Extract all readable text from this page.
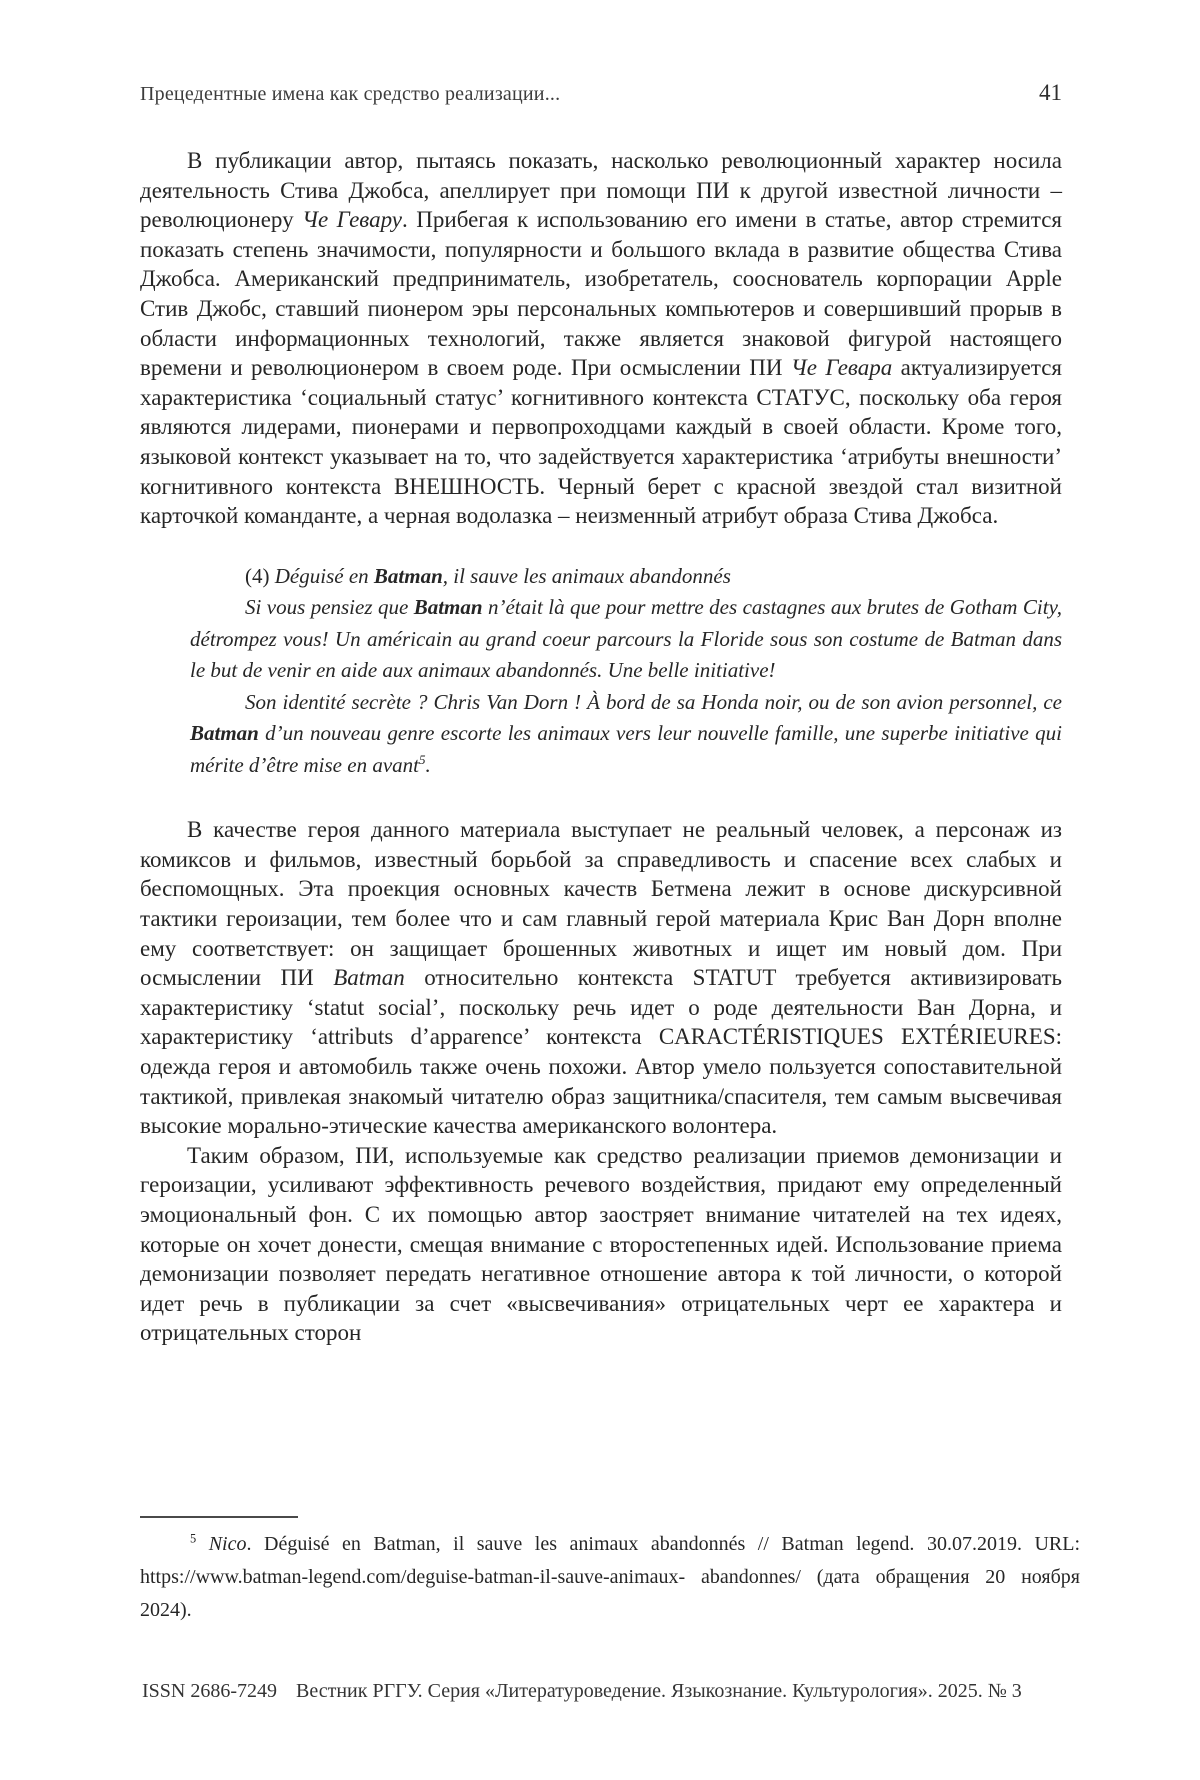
Прецедентные имена как средство реализации...	41

В публикации автор, пытаясь показать, насколько революционный характер носила деятельность Стива Джобса, апеллирует при помощи ПИ к другой известной личности – революционеру Че Гевару. Прибегая к использованию его имени в статье, автор стремится показать степень значимости, популярности и большого вклада в развитие общества Стива Джобса. Американский предприниматель, изобретатель, сооснователь корпорации Apple Стив Джобс, ставший пионером эры персональных компьютеров и совершивший прорыв в области информационных технологий, также является знаковой фигурой настоящего времени и революционером в своем роде. При осмыслении ПИ Че Гевара актуализируется характеристика ‘социальный статус’ когнитивного контекста СТАТУС, поскольку оба героя являются лидерами, пионерами и первопроходцами каждый в своей области. Кроме того, языковой контекст указывает на то, что задействуется характеристика ‘атрибуты внешности’ когнитивного контекста ВНЕШНОСТЬ. Черный берет с красной звездой стал визитной карточкой команданте, а черная водолазка – неизменный атрибут образа Стива Джобса.

(4) Déguisé en Batman, il sauve les animaux abandonnés

Si vous pensiez que Batman n’était là que pour mettre des castagnes aux brutes de Gotham City, détrompez vous! Un américain au grand coeur parcours la Floride sous son costume de Batman dans le but de venir en aide aux animaux abandonnés. Une belle initiative!

Son identité secrète ? Chris Van Dorn ! À bord de sa Honda noir, ou de son avion personnel, ce Batman d’un nouveau genre escorte les animaux vers leur nouvelle famille, une superbe initiative qui mérite d’être mise en avant$^5$.

В качестве героя данного материала выступает не реальный человек, а персонаж из комиксов и фильмов, известный борьбой за справедливость и спасение всех слабых и беспомощных. Эта проекция основных качеств Бетмена лежит в основе дискурсивной тактики героизации, тем более что и сам главный герой материала Крис Ван Дорн вполне ему соответствует: он защищает брошенных животных и ищет им новый дом. При осмыслении ПИ Batman относительно контекста STATUT требуется активизировать характеристику ‘statut social’, поскольку речь идет о роде деятельности Ван Дорна, и характеристику ‘attributs d’apparence’ контекста CARACTÉRISTIQUES EXTÉRIEURES: одежда героя и автомобиль также очень похожи. Автор умело пользуется сопоставительной тактикой, привлекая знакомый читателю образ защитника/спасителя, тем самым высвечивая высокие морально-этические качества американского волонтера.

Таким образом, ПИ, используемые как средство реализации приемов демонизации и героизации, усиливают эффективность речевого воздействия, придают ему определенный эмоциональный фон. С их помощью автор заостряет внимание читателей на тех идеях, которые он хочет донести, смещая внимание с второстепенных идей. Использование приема демонизации позволяет передать негативное отношение автора к той личности, о которой идет речь в публикации за счет «высвечивания» отрицательных черт ее характера и отрицательных сторон

$^5$ Nico. Déguisé en Batman, il sauve les animaux abandonnés // Batman legend. 30.07.2019. URL: https://www.batman-legend.com/deguise-batman-il-sauve-animaux- abandonnes/ (дата обращения 20 ноября 2024).

ISSN 2686-7249 Вестник РГГУ. Серия «Литературоведение. Языкознание. Культурология». 2025. № 3
